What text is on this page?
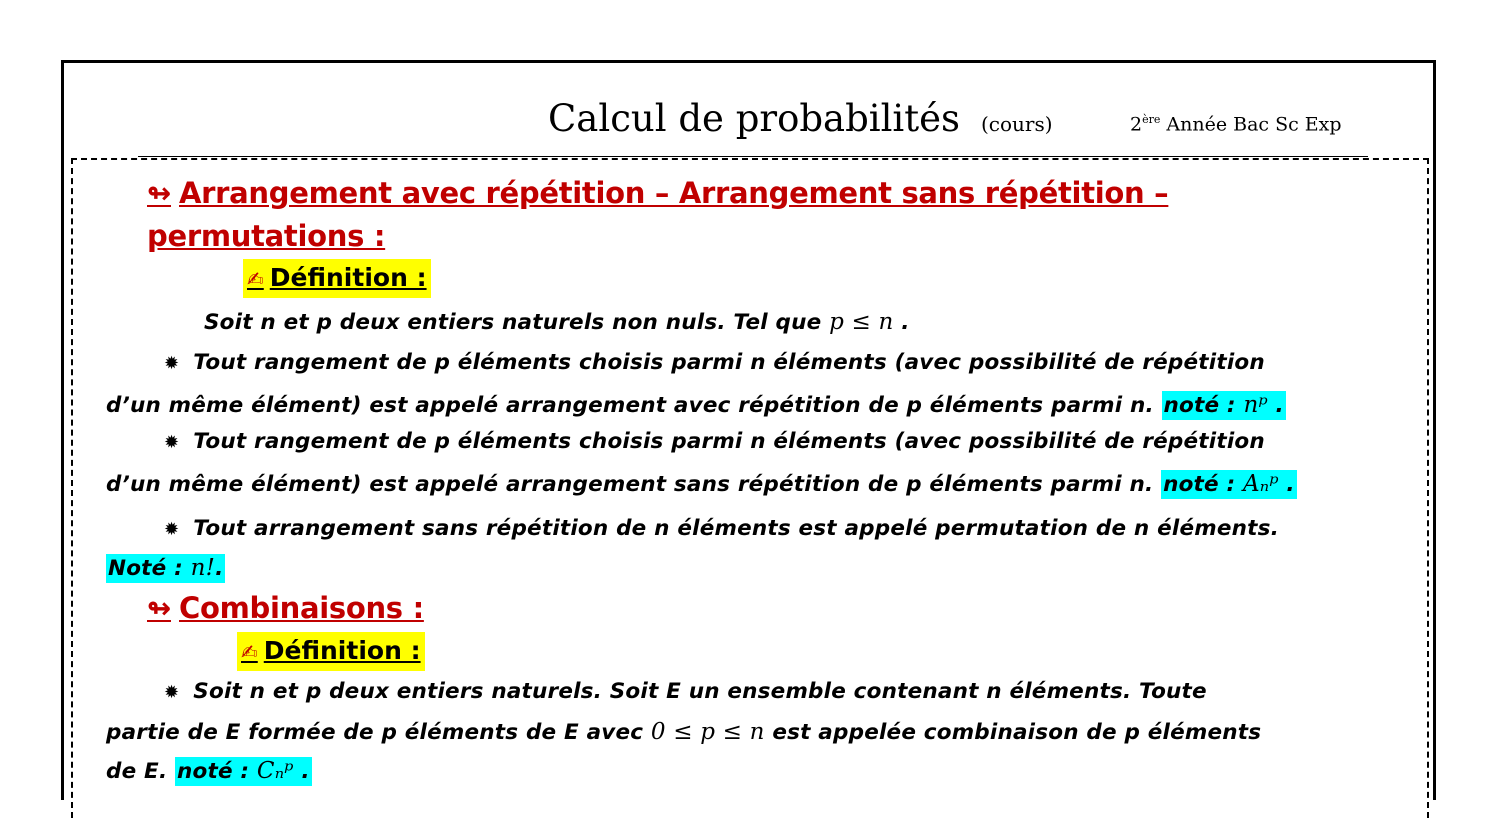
Calcul de probabilités (cours)	2ère Année Bac Sc Exp
↬ Arrangement avec répétition – Arrangement sans répétition –
permutations :
✍ Définition :
Soit n et p deux entiers naturels non nuls. Tel que p ≤ n .
✹ Tout rangement de p éléments choisis parmi n éléments (avec possibilité de répétition
d’un même élément) est appelé arrangement avec répétition de p éléments parmi n. noté : nᵖ .
✹ Tout rangement de p éléments choisis parmi n éléments (avec possibilité de répétition
d’un même élément) est appelé arrangement sans répétition de p éléments parmi n. noté : Aₙᵖ .
✹ Tout arrangement sans répétition de n éléments est appelé permutation de n éléments.
Noté : n!.
↬ Combinaisons :
✍ Définition :
✹ Soit n et p deux entiers naturels. Soit E un ensemble contenant n éléments. Toute
partie de E formée de p éléments de E avec 0 ≤ p ≤ n est appelée combinaison de p éléments
de E. noté : Cₙᵖ .
